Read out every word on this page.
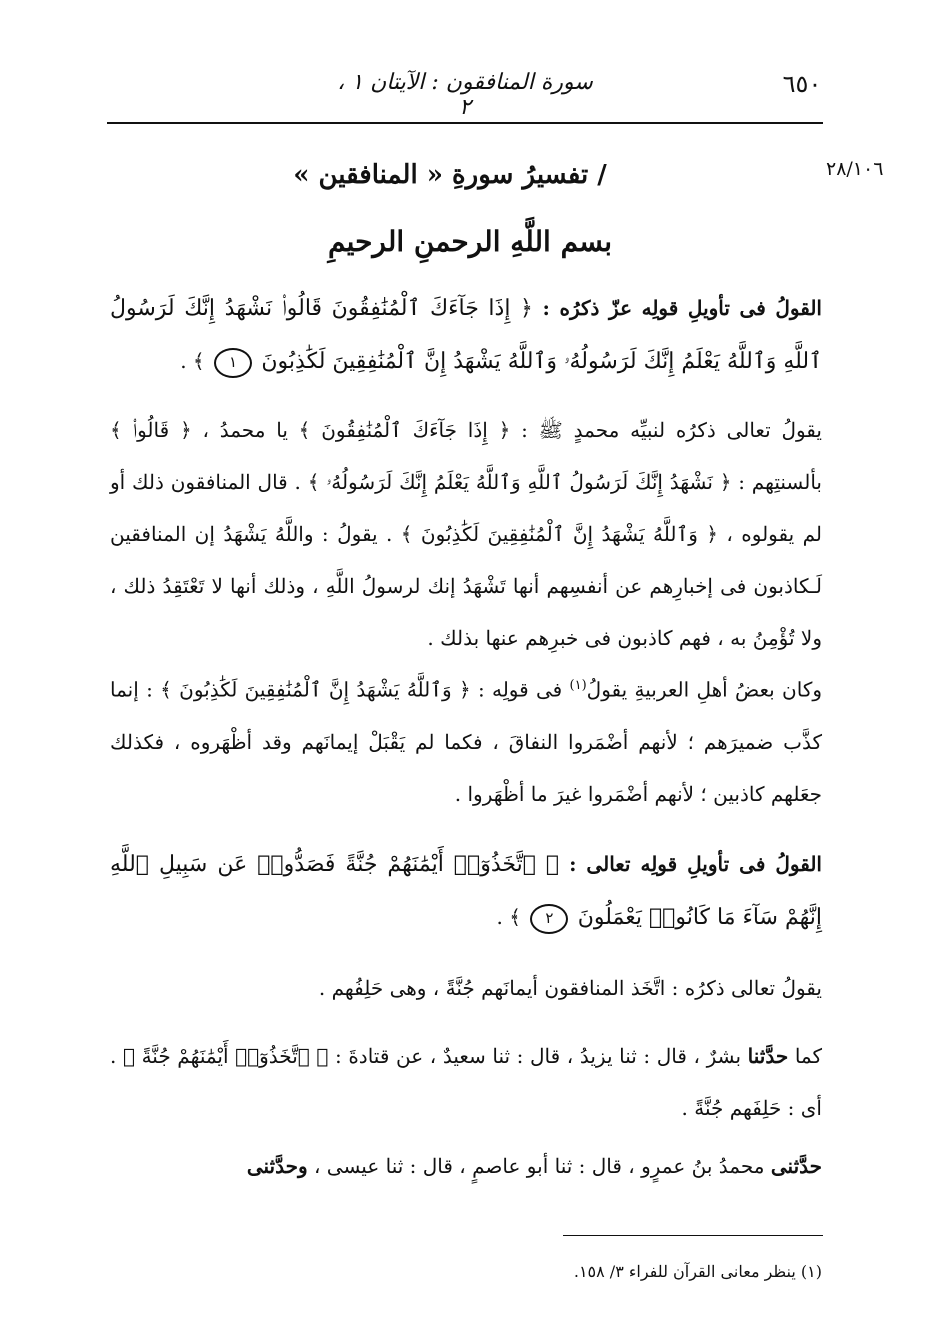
٦٥٠
سورة المنافقون : الآيتان ١ ، ٢
٢٨/١٠٦
/ تفسيرُ سورةِ « المنافقين »
بسم اللَّهِ الرحمنِ الرحيمِ
القولُ فى تأويلِ قولِه عزّ ذكرُه : ﴿ إِذَا جَآءَكَ ٱلْمُنَٰفِقُونَ قَالُوا۟ نَشْهَدُ إِنَّكَ لَرَسُولُ ٱللَّهِ وَٱللَّهُ يَعْلَمُ إِنَّكَ لَرَسُولُهُۥ وَٱللَّهُ يَشْهَدُ إِنَّ ٱلْمُنَٰفِقِينَ لَكَٰذِبُونَ ١ ﴾ .
يقولُ تعالى ذكرُه لنبيِّه محمدٍ ﷺ : ﴿ إِذَا جَآءَكَ ٱلْمُنَٰفِقُونَ ﴾ يا محمدُ ، ﴿ قَالُوا۟ ﴾ بألسنتِهم : ﴿ نَشْهَدُ إِنَّكَ لَرَسُولُ ٱللَّهِ وَٱللَّهُ يَعْلَمُ إِنَّكَ لَرَسُولُهُۥ ﴾ . قال المنافقون ذلك أو لم يقولوه ، ﴿ وَٱللَّهُ يَشْهَدُ إِنَّ ٱلْمُنَٰفِقِينَ لَكَٰذِبُونَ ﴾ . يقولُ : واللَّهُ يَشْهَدُ إن المنافقين لَـكاذبون فى إخبارِهم عن أنفسِهم أنها تَشْهَدُ إنك لرسولُ اللَّهِ ، وذلك أنها لا تَعْتَقِدُ ذلك ، ولا تُؤْمِنُ به ، فهم كاذبون فى خبرِهم عنها بذلك .
وكان بعضُ أهلِ العربيةِ يقولُ$^{(١)}$ فى قولِه : ﴿ وَٱللَّهُ يَشْهَدُ إِنَّ ٱلْمُنَٰفِقِينَ لَكَٰذِبُونَ ﴾ : إنما كذَّب ضميرَهم ؛ لأنهم أضْمَروا النفاقَ ، فكما لم يَقْبَلْ إيمانَهم وقد أظْهَروه ، فكذلك جعَلهم كاذبين ؛ لأنهم أضْمَروا غيرَ ما أظْهَروا .
القولُ فى تأويلِ قولِه تعالى : ﴿ ٱتَّخَذُوٓا۟ أَيْمَٰنَهُمْ جُنَّةً فَصَدُّوا۟ عَن سَبِيلِ ٱللَّهِ إِنَّهُمْ سَآءَ مَا كَانُوا۟ يَعْمَلُونَ ٢ ﴾ .
يقولُ تعالى ذكرُه : اتَّخَذ المنافقون أيمانَهم جُنَّةً ، وهى حَلِفُهم .
كما حدَّثنا بشرٌ ، قال : ثنا يزيدُ ، قال : ثنا سعيدٌ ، عن قتادةَ : ﴿ ٱتَّخَذُوٓا۟ أَيْمَٰنَهُمْ جُنَّةً ﴾ . أى : حَلِفَهم جُنَّةً .
حدَّثنى محمدُ بنُ عمرٍو ، قال : ثنا أبو عاصمٍ ، قال : ثنا عيسى ، وحدَّثنى
(١) ينظر معانى القرآن للفراء ٣/ ١٥٨.
